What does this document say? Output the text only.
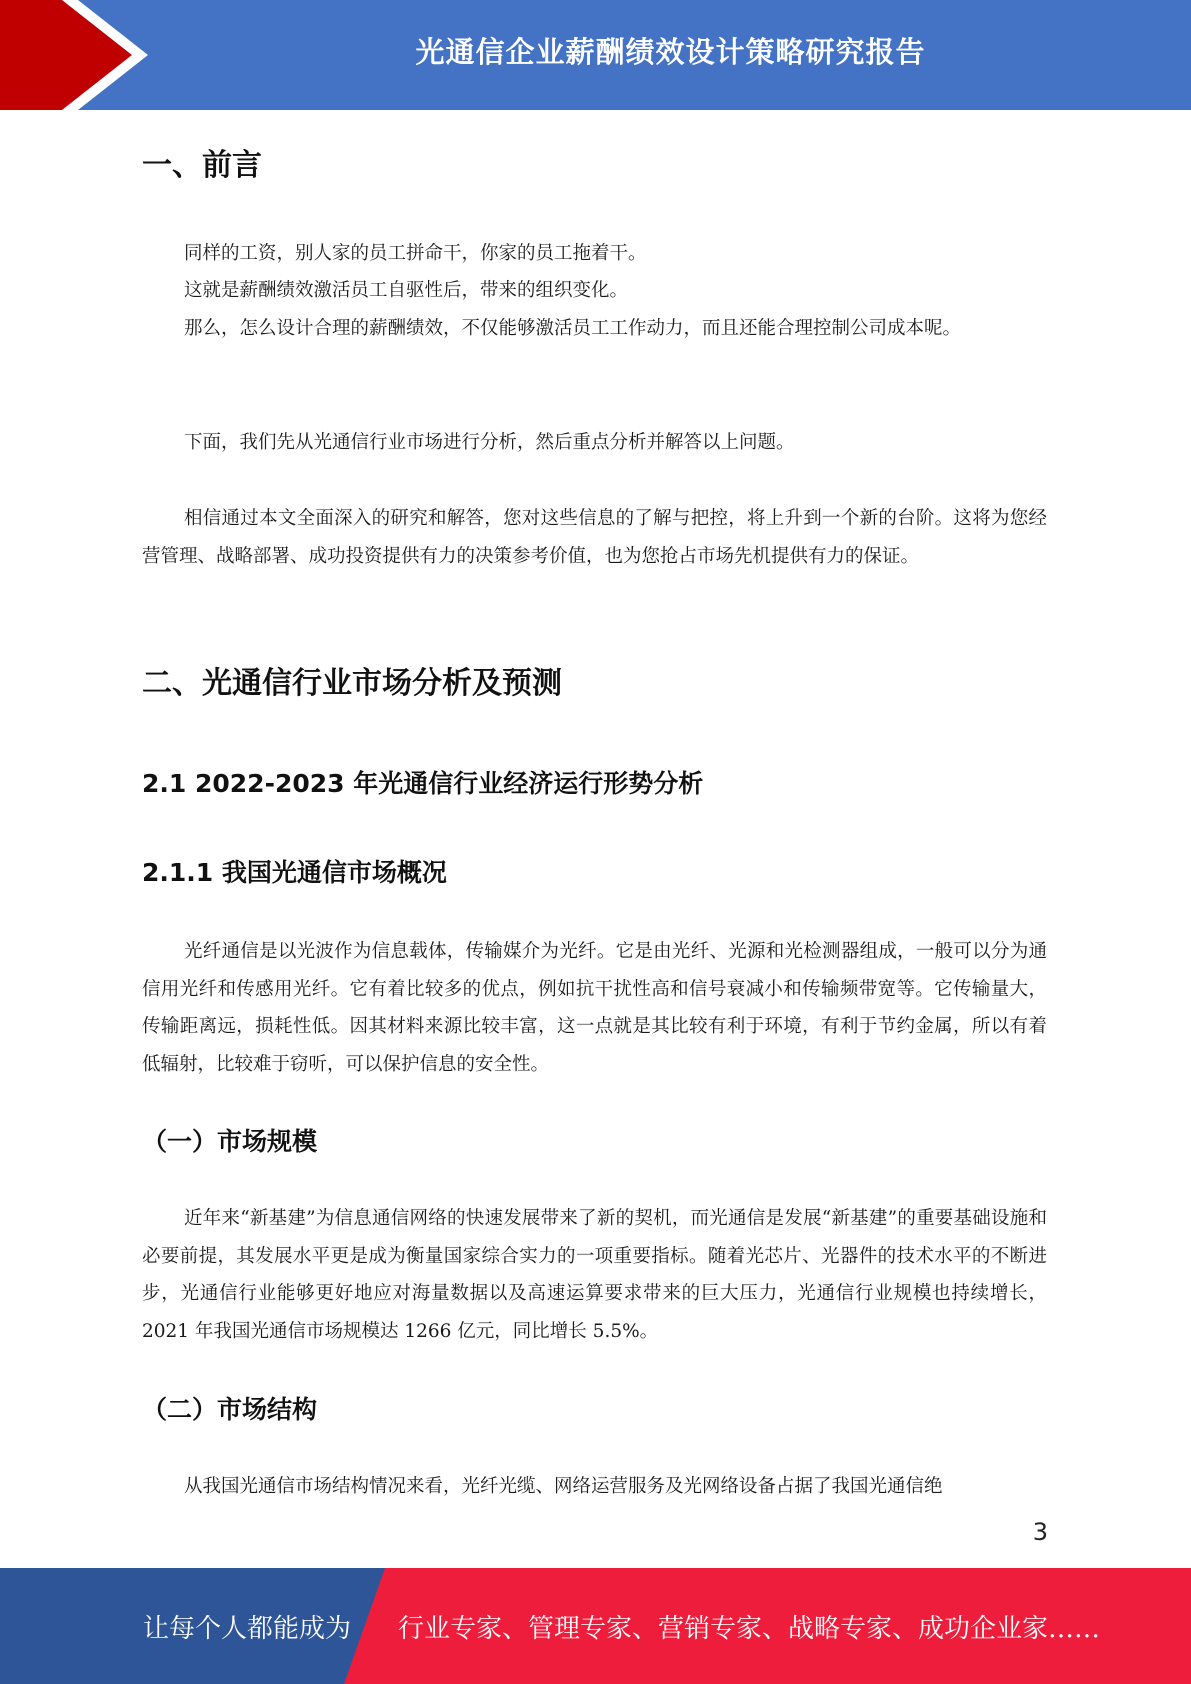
光通信企业薪酬绩效设计策略研究报告
一、前言

同样的工资，别人家的员工拼命干，你家的员工拖着干。

这就是薪酬绩效激活员工自驱性后，带来的组织变化。

那么，怎么设计合理的薪酬绩效，不仅能够激活员工工作动力，而且还能合理控制公司成本呢。

下面，我们先从光通信行业市场进行分析，然后重点分析并解答以上问题。

相信通过本文全面深入的研究和解答，您对这些信息的了解与把控，将上升到一个新的台阶。这将为您经营管理、战略部署、成功投资提供有力的决策参考价值，也为您抢占市场先机提供有力的保证。

二、光通信行业市场分析及预测
2.1 2022-2023 年光通信行业经济运行形势分析
2.1.1 我国光通信市场概况

光纤通信是以光波作为信息载体，传输媒介为光纤。它是由光纤、光源和光检测器组成，一般可以分为通信用光纤和传感用光纤。它有着比较多的优点，例如抗干扰性高和信号衰减小和传输频带宽等。它传输量大，传输距离远，损耗性低。因其材料来源比较丰富，这一点就是其比较有利于环境，有利于节约金属，所以有着低辐射，比较难于窃听，可以保护信息的安全性。

（一）市场规模

近年来“新基建”为信息通信网络的快速发展带来了新的契机，而光通信是发展“新基建”的重要基础设施和必要前提，其发展水平更是成为衡量国家综合实力的一项重要指标。随着光芯片、光器件的技术水平的不断进步，光通信行业能够更好地应对海量数据以及高速运算要求带来的巨大压力，光通信行业规模也持续增长，2021 年我国光通信市场规模达 1266 亿元，同比增长 5.5%。

（二）市场结构

从我国光通信市场结构情况来看，光纤光缆、网络运营服务及光网络设备占据了我国光通信绝

3
让每个人都能成为 行业专家、管理专家、营销专家、战略专家、成功企业家……
